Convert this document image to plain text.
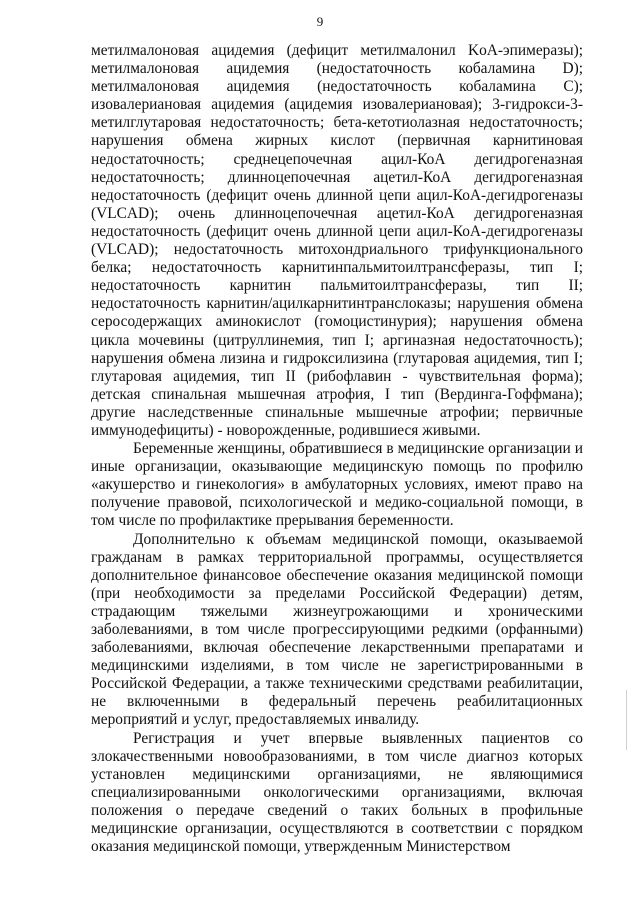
9

метилмалоновая ацидемия (дефицит метилмалонил KoA-эпимеразы); метилмалоновая ацидемия (недостаточность кобаламина D); метилмалоновая ацидемия (недостаточность кобаламина С); изовалериановая ацидемия (ацидемия изовалериановая); 3-гидрокси-3-метилглутаровая недостаточность; бета-кетотиолазная недостаточность; нарушения обмена жирных кислот (первичная карнитиновая недостаточность; среднецепочечная ацил-КоА дегидрогеназная недостаточность; длинноцепочечная ацетил-КоА дегидрогеназная недостаточность (дефицит очень длинной цепи ацил-КоА-дегидрогеназы (VLCAD); очень длинноцепочечная ацетил-КоА дегидрогеназная недостаточность (дефицит очень длинной цепи ацил-КоА-дегидрогеназы (VLCAD); недостаточность митохондриального трифункционального белка; недостаточность карнитинпальмитоилтрансферазы, тип I; недостаточность карнитин пальмитоилтрансферазы, тип II; недостаточность карнитин/ацилкарнитинтранслоказы; нарушения обмена серосодержащих аминокислот (гомоцистинурия); нарушения обмена цикла мочевины (цитруллинемия, тип I; аргиназная недостаточность); нарушения обмена лизина и гидроксилизина (глутаровая ацидемия, тип I; глутаровая ацидемия, тип II (рибофлавин - чувствительная форма); детская спинальная мышечная атрофия, I тип (Вердинга-Гоффмана); другие наследственные спинальные мышечные атрофии; первичные иммунодефициты) - новорожденные, родившиеся живыми.

Беременные женщины, обратившиеся в медицинские организации и иные организации, оказывающие медицинскую помощь по профилю «акушерство и гинекология» в амбулаторных условиях, имеют право на получение правовой, психологической и медико-социальной помощи, в том числе по профилактике прерывания беременности.

Дополнительно к объемам медицинской помощи, оказываемой гражданам в рамках территориальной программы, осуществляется дополнительное финансовое обеспечение оказания медицинской помощи (при необходимости за пределами Российской Федерации) детям, страдающим тяжелыми жизнеугрожающими и хроническими заболеваниями, в том числе прогрессирующими редкими (орфанными) заболеваниями, включая обеспечение лекарственными препаратами и медицинскими изделиями, в том числе не зарегистрированными в Российской Федерации, а также техническими средствами реабилитации, не включенными в федеральный перечень реабилитационных мероприятий и услуг, предоставляемых инвалиду.

Регистрация и учет впервые выявленных пациентов со злокачественными новообразованиями, в том числе диагноз которых установлен медицинскими организациями, не являющимися специализированными онкологическими организациями, включая положения о передаче сведений о таких больных в профильные медицинские организации, осуществляются в соответствии с порядком оказания медицинской помощи, утвержденным Министерством
